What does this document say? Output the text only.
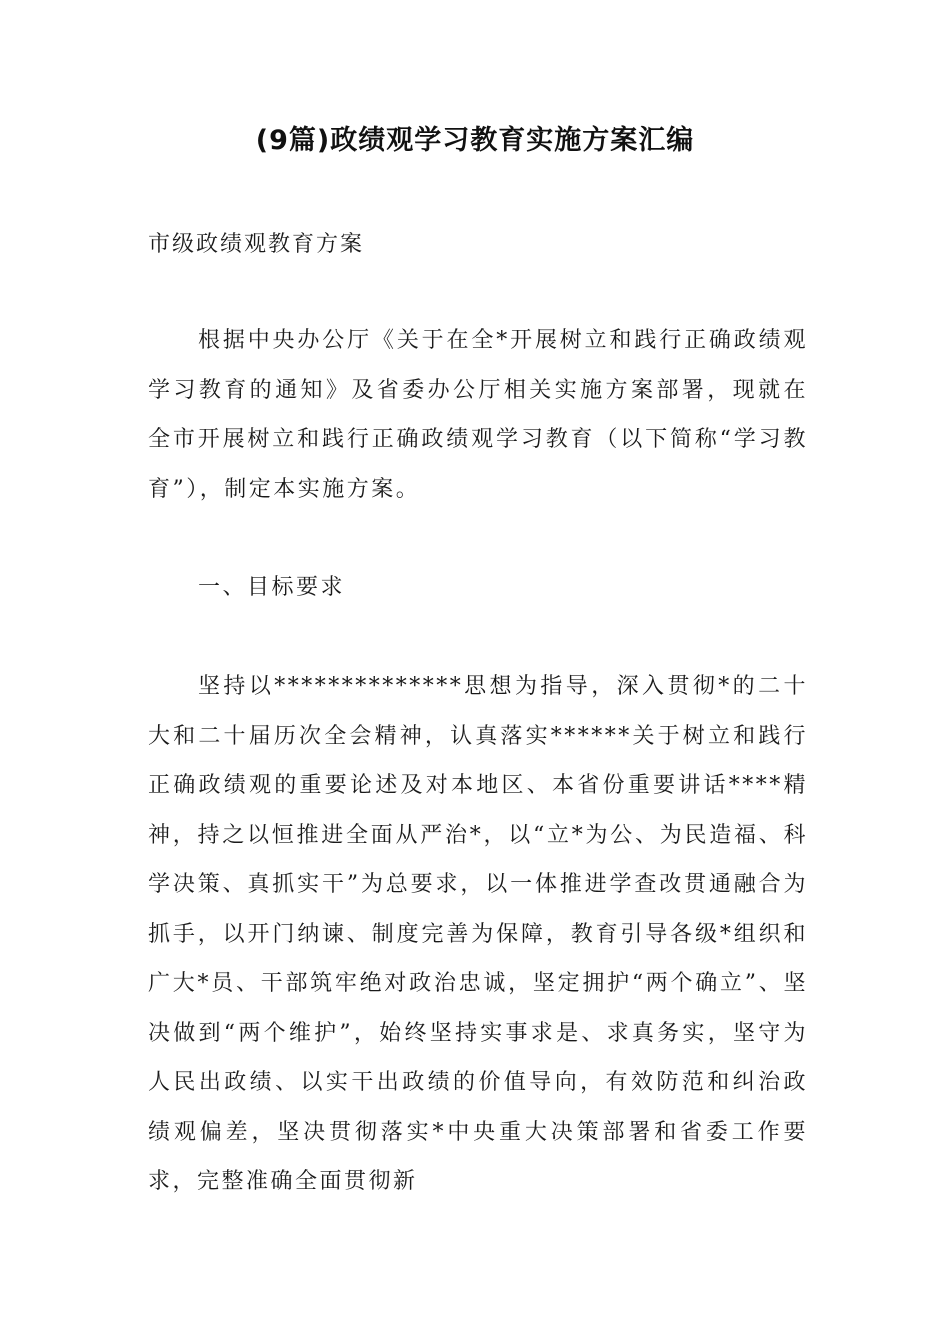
(9篇)政绩观学习教育实施方案汇编
市级政绩观教育方案

根据中央办公厅《关于在全*开展树立和践行正确政绩观学习教育的通知》及省委办公厅相关实施方案部署，现就在全市开展树立和践行正确政绩观学习教育（以下简称“学习教育”），制定本实施方案。

一、目标要求

坚持以**************思想为指导，深入贯彻*的二十大和二十届历次全会精神，认真落实******关于树立和践行正确政绩观的重要论述及对本地区、本省份重要讲话****精神，持之以恒推进全面从严治*，以“立*为公、为民造福、科学决策、真抓实干”为总要求，以一体推进学查改贯通融合为抓手，以开门纳谏、制度完善为保障，教育引导各级*组织和广大*员、干部筑牢绝对政治忠诚，坚定拥护“两个确立”、坚决做到“两个维护”，始终坚持实事求是、求真务实，坚守为人民出政绩、以实干出政绩的价值导向，有效防范和纠治政绩观偏差，坚决贯彻落实*中央重大决策部署和省委工作要求，完整准确全面贯彻新
